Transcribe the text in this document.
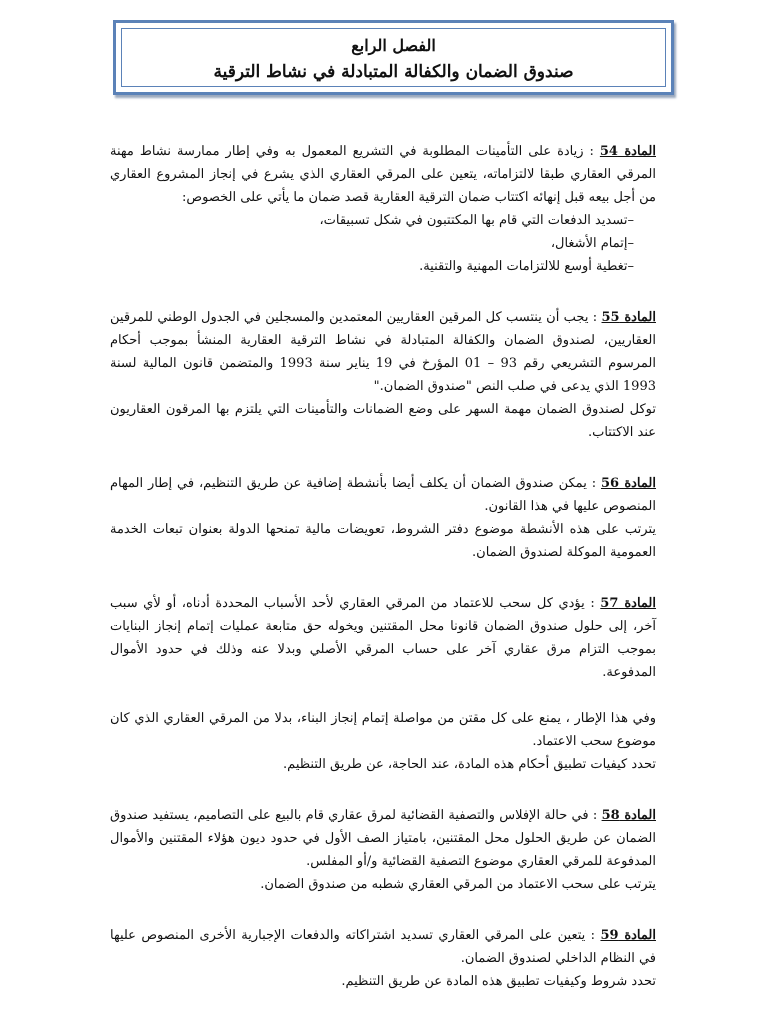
الفصل الرابع
صندوق الضمان والكفالة المتبادلة في نشاط الترقية

المادة 54 : زيادة على التأمينات المطلوبة في التشريع المعمول به وفي إطار ممارسة نشاط مهنة المرقي العقاري طبقا لالتزاماته، يتعين على المرقي العقاري الذي يشرع في إنجاز المشروع العقاري من أجل بيعه قبل إنهائه اكتتاب ضمان الترقية العقارية قصد ضمان ما يأتي على الخصوص:

–تسديد الدفعات التي قام بها المكتتبون في شكل تسبيقات،

–إتمام الأشغال،

–تغطية أوسع للالتزامات المهنية والتقنية.

المادة 55 : يجب أن ينتسب كل المرقين العقاريين المعتمدين والمسجلين في الجدول الوطني للمرقين العقاريين، لصندوق الضمان والكفالة المتبادلة في نشاط الترقية العقارية المنشأ بموجب أحكام المرسوم التشريعي رقم 93 – 01 المؤرخ في 19 يناير سنة 1993 والمتضمن قانون المالية لسنة 1993 الذي يدعى في صلب النص "صندوق الضمان."

توكل لصندوق الضمان مهمة السهر على وضع الضمانات والتأمينات التي يلتزم بها المرقون العقاريون عند الاكتتاب.

المادة 56 : يمكن صندوق الضمان أن يكلف أيضا بأنشطة إضافية عن طريق التنظيم، في إطار المهام المنصوص عليها في هذا القانون.

يترتب على هذه الأنشطة موضوع دفتر الشروط، تعويضات مالية تمنحها الدولة بعنوان تبعات الخدمة العمومية الموكلة لصندوق الضمان.

المادة 57 : يؤدي كل سحب للاعتماد من المرقي العقاري لأحد الأسباب المحددة أدناه، أو لأي سبب آخر، إلى حلول صندوق الضمان قانونا محل المقتنين ويخوله حق متابعة عمليات إتمام إنجاز البنايات بموجب التزام مرق عقاري آخر على حساب المرقي الأصلي وبدلا عنه وذلك في حدود الأموال المدفوعة.

وفي هذا الإطار ، يمنع على كل مقتن من مواصلة إتمام إنجاز البناء، بدلا من المرقي العقاري الذي كان موضوع سحب الاعتماد.

تحدد كيفيات تطبيق أحكام هذه المادة، عند الحاجة، عن طريق التنظيم.

المادة 58 : في حالة الإفلاس والتصفية القضائية لمرق عقاري قام بالبيع على التصاميم، يستفيد صندوق الضمان عن طريق الحلول محل المقتنين، بامتياز الصف الأول في حدود ديون هؤلاء المقتنين والأموال المدفوعة للمرقي العقاري موضوع التصفية القضائية و/أو المفلس.

يترتب على سحب الاعتماد من المرقي العقاري شطبه من صندوق الضمان.

المادة 59 : يتعين على المرقي العقاري تسديد اشتراكاته والدفعات الإجبارية الأخرى المنصوص عليها في النظام الداخلي لصندوق الضمان.

تحدد شروط وكيفيات تطبيق هذه المادة عن طريق التنظيم.
